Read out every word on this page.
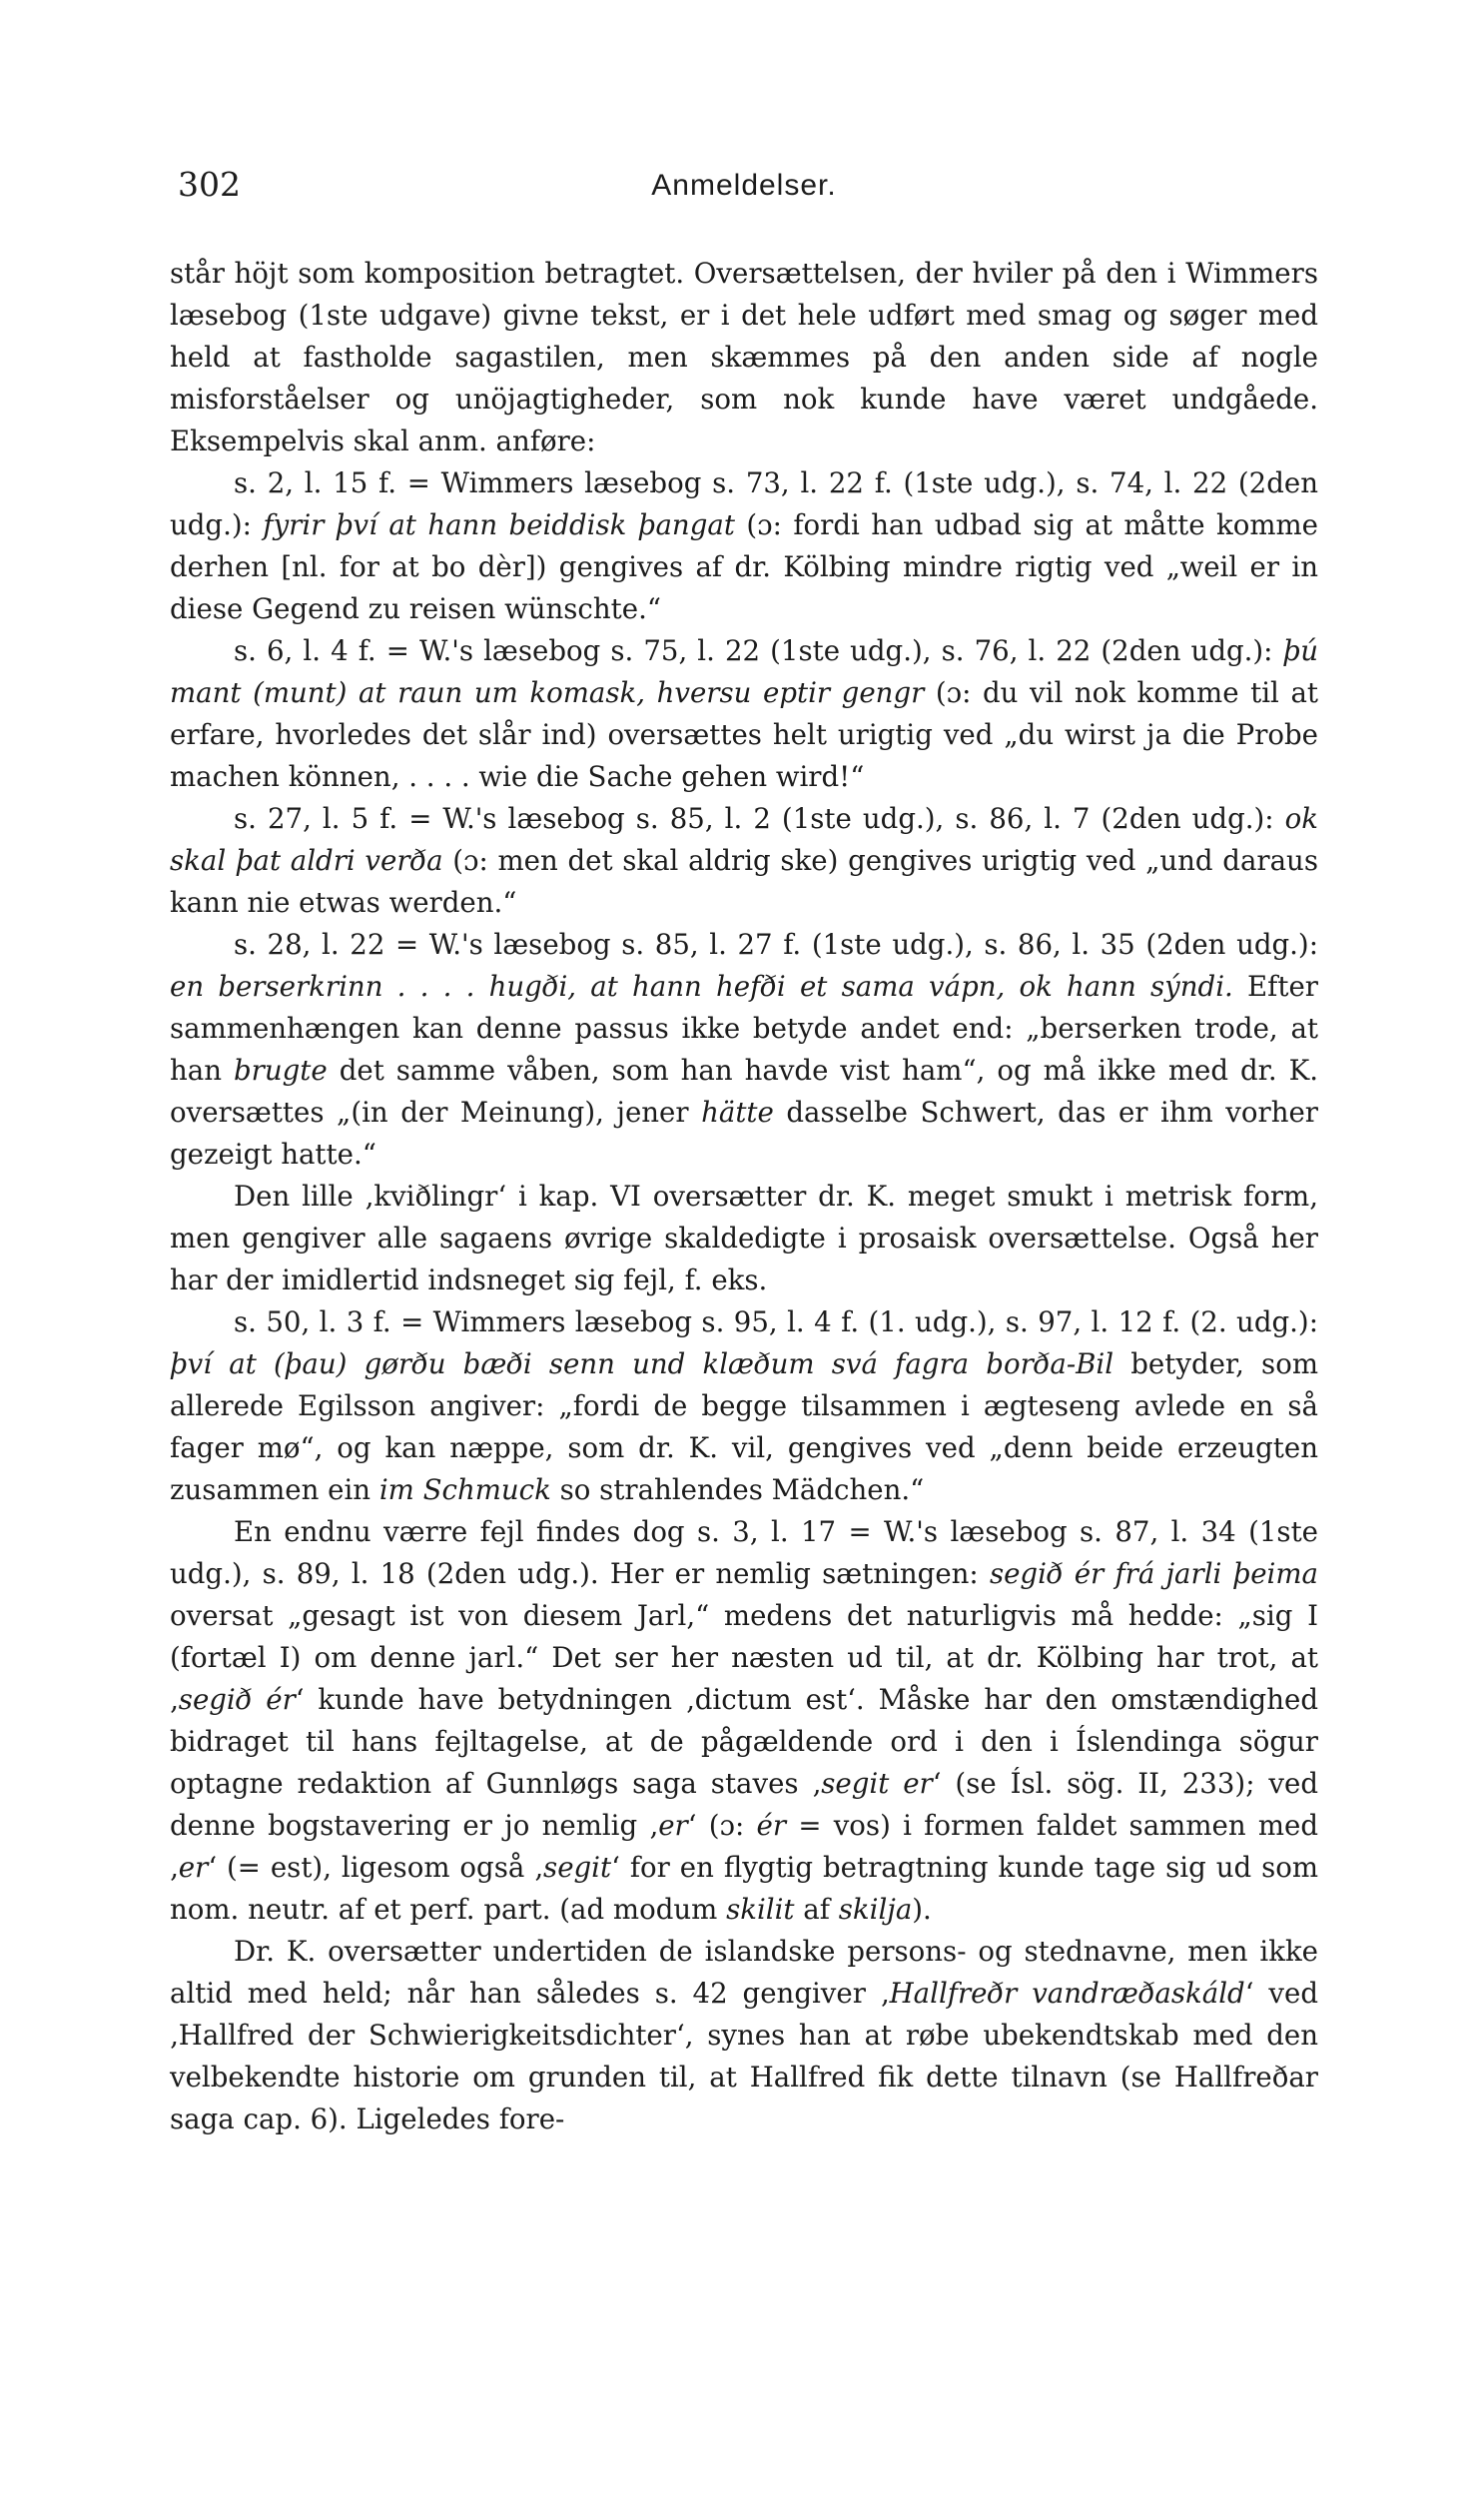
302	Anmeldelser.

står höjt som komposition betragtet. Oversættelsen, der hviler på den i Wimmers læsebog (1ste udgave) givne tekst, er i det hele udført med smag og søger med held at fastholde sagastilen, men skæmmes på den anden side af nogle misforståelser og unöjagtigheder, som nok kunde have været undgåede. Eksempelvis skal anm. anføre:

s. 2, l. 15 f. = Wimmers læsebog s. 73, l. 22 f. (1ste udg.), s. 74, l. 22 (2den udg.): fyrir því at hann beiddisk þangat (ɔ: fordi han udbad sig at måtte komme derhen [nl. for at bo dèr]) gengives af dr. Kölbing mindre rigtig ved „weil er in diese Gegend zu reisen wünschte.“

s. 6, l. 4 f. = W.'s læsebog s. 75, l. 22 (1ste udg.), s. 76, l. 22 (2den udg.): þú mant (munt) at raun um komask, hversu eptir gengr (ɔ: du vil nok komme til at erfare, hvorledes det slår ind) oversættes helt urigtig ved „du wirst ja die Probe machen können, . . . . wie die Sache gehen wird!“

s. 27, l. 5 f. = W.'s læsebog s. 85, l. 2 (1ste udg.), s. 86, l. 7 (2den udg.): ok skal þat aldri verða (ɔ: men det skal aldrig ske) gengives urigtig ved „und daraus kann nie etwas werden.“

s. 28, l. 22 = W.'s læsebog s. 85, l. 27 f. (1ste udg.), s. 86, l. 35 (2den udg.): en berserkrinn . . . . hugði, at hann hefði et sama vápn, ok hann sýndi. Efter sammenhængen kan denne passus ikke betyde andet end: „berserken trode, at han brugte det samme våben, som han havde vist ham“, og må ikke med dr. K. oversættes „(in der Meinung), jener hätte dasselbe Schwert, das er ihm vorher gezeigt hatte.“

Den lille ‚kviðlingr‘ i kap. VI oversætter dr. K. meget smukt i metrisk form, men gengiver alle sagaens øvrige skaldedigte i prosaisk oversættelse. Også her har der imidlertid indsneget sig fejl, f. eks.

s. 50, l. 3 f. = Wimmers læsebog s. 95, l. 4 f. (1. udg.), s. 97, l. 12 f. (2. udg.): því at (þau) gørðu bæði senn und klæðum svá fagra borða-Bil betyder, som allerede Egilsson angiver: „fordi de begge tilsammen i ægteseng avlede en så fager mø“, og kan næppe, som dr. K. vil, gengives ved „denn beide erzeugten zusammen ein im Schmuck so strahlendes Mädchen.“

En endnu værre fejl findes dog s. 3, l. 17 = W.'s læsebog s. 87, l. 34 (1ste udg.), s. 89, l. 18 (2den udg.). Her er nemlig sætningen: segið ér frá jarli þeima oversat „gesagt ist von diesem Jarl,“ medens det naturligvis må hedde: „sig I (fortæl I) om denne jarl.“ Det ser her næsten ud til, at dr. Kölbing har trot, at ‚segið ér‘ kunde have betydningen ‚dictum est‘. Måske har den omstændighed bidraget til hans fejltagelse, at de pågældende ord i den i Íslendinga sögur optagne redaktion af Gunnløgs saga staves ‚segit er‘ (se Ísl. sög. II, 233); ved denne bogstavering er jo nemlig ‚er‘ (ɔ: ér = vos) i formen faldet sammen med ‚er‘ (= est), ligesom også ‚segit‘ for en flygtig betragtning kunde tage sig ud som nom. neutr. af et perf. part. (ad modum skilit af skilja).

Dr. K. oversætter undertiden de islandske persons- og stednavne, men ikke altid med held; når han således s. 42 gengiver ‚Hallfreðr vandræðaskáld‘ ved ‚Hallfred der Schwierigkeitsdichter‘, synes han at røbe ubekendtskab med den velbekendte historie om grunden til, at Hallfred fik dette tilnavn (se Hallfreðar saga cap. 6). Ligeledes fore-
